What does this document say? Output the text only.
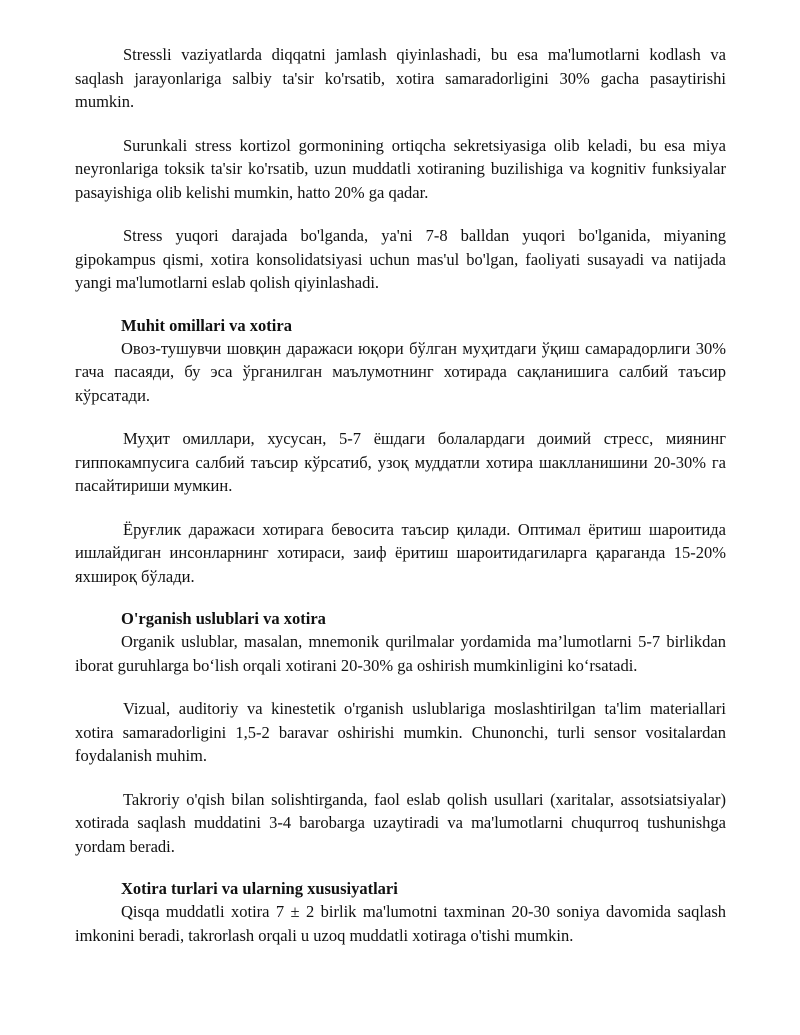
Stressli vaziyatlarda diqqatni jamlash qiyinlashadi, bu esa ma'lumotlarni kodlash va saqlash jarayonlariga salbiy ta'sir ko'rsatib, xotira samaradorligini 30% gacha pasaytirishi mumkin.

Surunkali stress kortizol gormonining ortiqcha sekretsiyasiga olib keladi, bu esa miya neyronlariga toksik ta'sir ko'rsatib, uzun muddatli xotiraning buzilishiga va kognitiv funksiyalar pasayishiga olib kelishi mumkin, hatto 20% ga qadar.

Stress yuqori darajada bo'lganda, ya'ni 7-8 balldan yuqori bo'lganida, miyaning gipokampus qismi, xotira konsolidatsiyasi uchun mas'ul bo'lgan, faoliyati susayadi va natijada yangi ma'lumotlarni eslab qolish qiyinlashadi.

Muhit omillari va xotira

Овоз-тушувчи шовқин даражаси юқори бўлган муҳитдаги ўқиш самарадорлиги 30% гача пасаяди, бу эса ўрганилган маълумотнинг хотирада сақланишига салбий таъсир кўрсатади.

Муҳит омиллари, хусусан, 5-7 ёшдаги болалардаги доимий стресс, миянинг гиппокампусига салбий таъсир кўрсатиб, узоқ муддатли хотира шаклланишини 20-30% га пасайтириши мумкин.

Ёруғлик даражаси хотирага бевосита таъсир қилади. Оптимал ёритиш шароитида ишлайдиган инсонларнинг хотираси, заиф ёритиш шароитидагиларга қараганда 15-20% яхшироқ бўлади.

O'rganish uslublari va xotira

Organik uslublar, masalan, mnemonik qurilmalar yordamida ma’lumotlarni 5-7 birlikdan iborat guruhlarga bo‘lish orqali xotirani 20-30% ga oshirish mumkinligini ko‘rsatadi.

Vizual, auditoriy va kinestetik o'rganish uslublariga moslashtirilgan ta'lim materiallari xotira samaradorligini 1,5-2 baravar oshirishi mumkin. Chunonchi, turli sensor vositalardan foydalanish muhim.

Takroriy o'qish bilan solishtirganda, faol eslab qolish usullari (xaritalar, assotsiatsiyalar) xotirada saqlash muddatini 3-4 barobarga uzaytiradi va ma'lumotlarni chuqurroq tushunishga yordam beradi.

Xotira turlari va ularning xususiyatlari

Qisqa muddatli xotira 7 ± 2 birlik ma'lumotni taxminan 20-30 soniya davomida saqlash imkonini beradi, takrorlash orqali u uzoq muddatli xotiraga o'tishi mumkin.
